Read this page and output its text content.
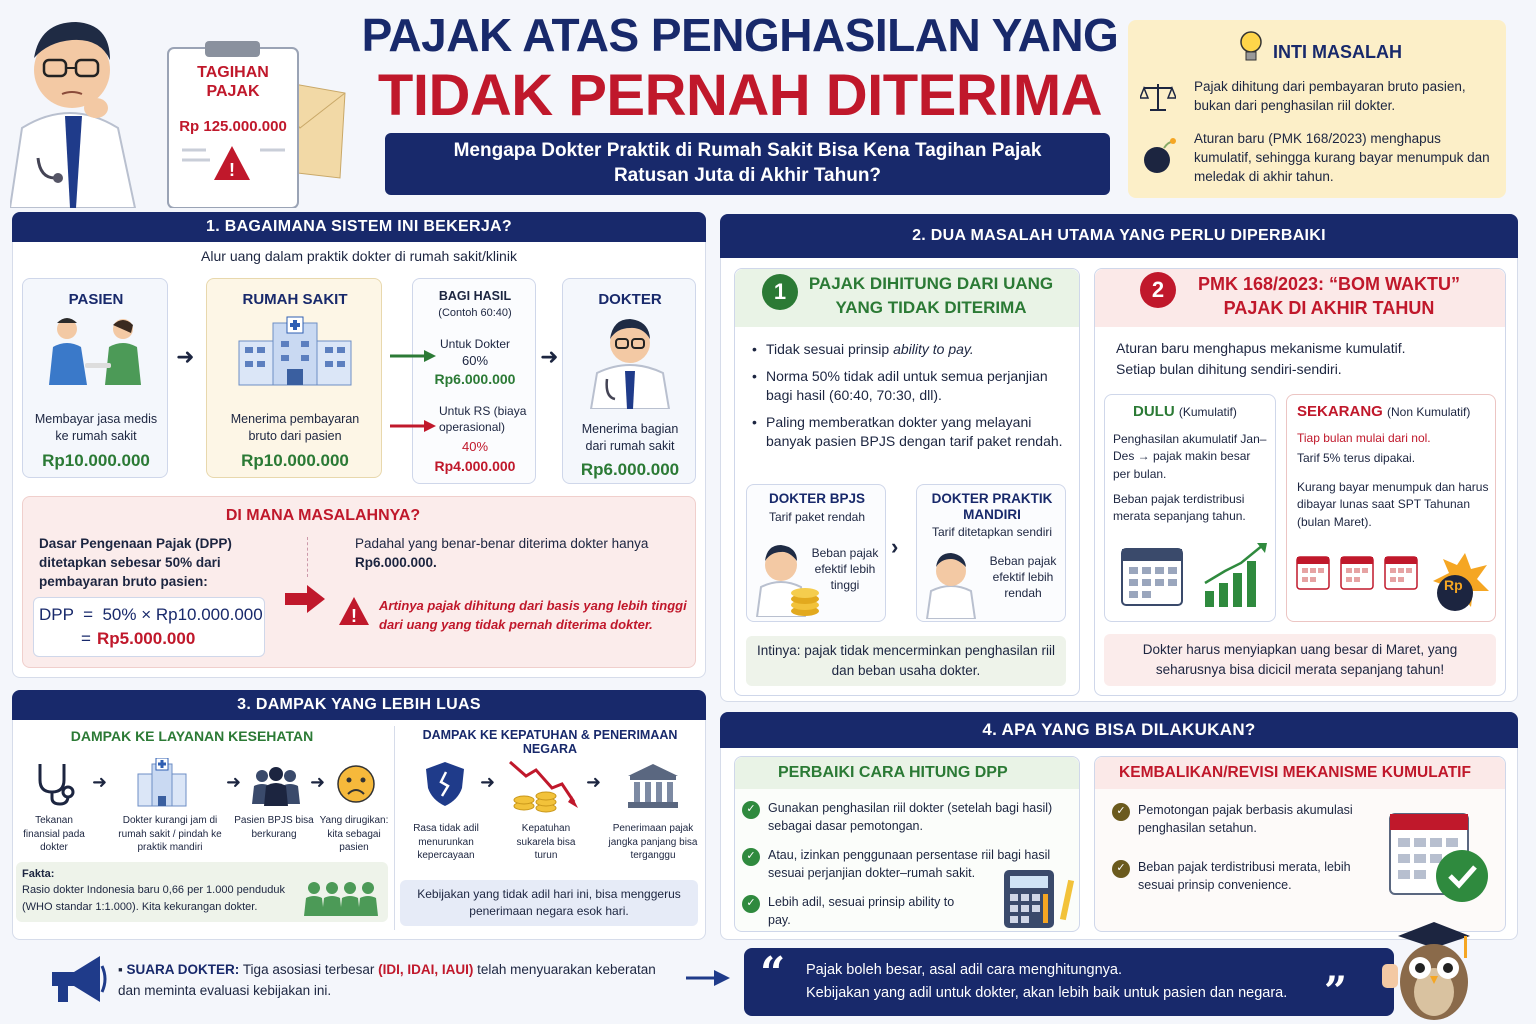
!
TAGIHAN PAJAK
Rp 125.000.000
PAJAK ATAS PENGHASILAN YANG
TIDAK PERNAH DITERIMA
Mengapa Dokter Praktik di Rumah Sakit Bisa Kena Tagihan Pajak Ratusan Juta di Akhir Tahun?
INTI MASALAH
Pajak dihitung dari pembayaran bruto pasien, bukan dari penghasilan riil dokter.
Aturan baru (PMK 168/2023) menghapus kumulatif, sehingga kurang bayar menumpuk dan meledak di akhir tahun.
1. BAGAIMANA SISTEM INI BEKERJA?
Alur uang dalam praktik dokter di rumah sakit/klinik
PASIEN
Membayar jasa medis ke rumah sakit
Rp10.000.000
➜
RUMAH SAKIT
Menerima pembayaran bruto dari pasien
Rp10.000.000
BAGI HASIL
(Contoh 60:40)
Untuk Dokter
60%
Rp6.000.000
Untuk RS (biaya operasional)
40%
Rp4.000.000
➜
DOKTER
Menerima bagian dari rumah sakit
Rp6.000.000
DI MANA MASALAHNYA?
Dasar Pengenaan Pajak (DPP) ditetapkan sebesar 50% dari pembayaran bruto pasien:
DPP  =  50% × Rp10.000.000
= Rp5.000.000
Padahal yang benar-benar diterima dokter hanya Rp6.000.000.
!
Artinya pajak dihitung dari basis yang lebih tinggi dari uang yang tidak pernah diterima dokter.
2. DUA MASALAH UTAMA YANG PERLU DIPERBAIKI
1	PAJAK DIHITUNG DARI UANG YANG TIDAK DITERIMA
• Tidak sesuai prinsip ability to pay.
• Norma 50% tidak adil untuk semua perjanjian bagi hasil (60:40, 70:30, dll).
• Paling memberatkan dokter yang melayani banyak pasien BPJS dengan tarif paket rendah.
DOKTER BPJS
Tarif paket rendah
Beban pajak efektif lebih tinggi
›
DOKTER PRAKTIK MANDIRI
Tarif ditetapkan sendiri
Beban pajak efektif lebih rendah
Intinya: pajak tidak mencerminkan penghasilan riil dan beban usaha dokter.
2	PMK 168/2023: “BOM WAKTU” PAJAK DI AKHIR TAHUN
Aturan baru menghapus mekanisme kumulatif. Setiap bulan dihitung sendiri-sendiri.
DULU (Kumulatif)
Penghasilan akumulatif Jan–Des → pajak makin besar per bulan.
Beban pajak terdistribusi merata sepanjang tahun.
SEKARANG (Non Kumulatif)
Tiap bulan mulai dari nol.
Tarif 5% terus dipakai.
Kurang bayar menumpuk dan harus dibayar lunas saat SPT Tahunan (bulan Maret).
Rp
Dokter harus menyiapkan uang besar di Maret, yang seharusnya bisa dicicil merata sepanjang tahun!
3. DAMPAK YANG LEBIH LUAS
DAMPAK KE LAYANAN KESEHATAN
Tekanan finansial pada dokter
➜
Dokter kurangi jam di rumah sakit / pindah ke praktik mandiri
➜
Pasien BPJS bisa berkurang
➜
Yang dirugikan: kita sebagai pasien
Fakta:
Rasio dokter Indonesia baru 0,66 per 1.000 penduduk (WHO standar 1:1.000). Kita kekurangan dokter.
DAMPAK KE KEPATUHAN & PENERIMAAN NEGARA
Rasa tidak adil menurunkan kepercayaan
➜
Kepatuhan sukarela bisa turun
➜
Penerimaan pajak jangka panjang bisa terganggu
Kebijakan yang tidak adil hari ini, bisa menggerus penerimaan negara esok hari.
4. APA YANG BISA DILAKUKAN?
PERBAIKI CARA HITUNG DPP
✓ Gunakan penghasilan riil dokter (setelah bagi hasil) sebagai dasar pemotongan.
✓ Atau, izinkan penggunaan persentase riil bagi hasil sesuai perjanjian dokter–rumah sakit.
✓ Lebih adil, sesuai prinsip ability to pay.
KEMBALIKAN/REVISI MEKANISME KUMULATIF
✓ Pemotongan pajak berbasis akumulasi penghasilan setahun.
✓ Beban pajak terdistribusi merata, lebih sesuai prinsip convenience.
▪ SUARA DOKTER: Tiga asosiasi terbesar (IDI, IDAI, IAUI) telah menyuarakan keberatan dan meminta evaluasi kebijakan ini.	“ Pajak boleh besar, asal adil cara menghitungnya.
Kebijakan yang adil untuk dokter, akan lebih baik untuk pasien dan negara. ”
